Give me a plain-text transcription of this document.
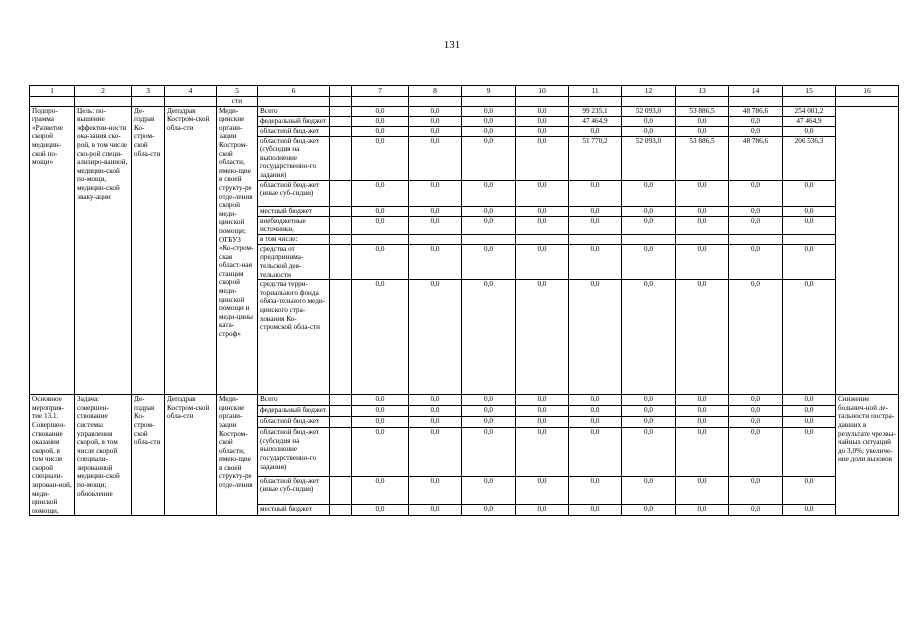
131
1	2	3	4	5	6		7	8	9	10	11	12	13	14	15	16
				сти												
Подпро-грамма «Развитие скорой медицин-ской по-мощи»	Цель: по-вышение эффектив-ности ока-зания ско-рой, в том числе ско-рой специ-ализиро-ванной, медицин-ской по-мощи, медицин-ской эваку-ации	Де-пздрав Ко-стром-ской обла-сти	Депздрав Костром-ской обла-сти	Меди-цинские органи-зации Костром-ской области, имею-щие в своей структу-ре отде-ления скорой меди-цинской помощи; ОГБУЗ «Ко-стром-ская област-ная станция скорой меди-цинской помощи и меди-цины ката-строф»	Всего		0,0	0,0	0,0	0,0	99 235,1	52 093,0	53 886,5	48 786,6	254 001,2	
					федеральный бюджет		0,0	0,0	0,0	0,0	47 464,9	0,0	0,0	0,0	47 464,9	
					областной бюд-жет		0,0	0,0	0,0	0,0	0,0	0,0	0,0	0,0	0,0	
					областной бюд-жет (субсидия на выполнение государственно-го задания)		0,0	0,0	0,0	0,0	51 770,2	52 093,0	53 886,5	48 786,6	206 536,3	
					областной бюд-жет (иные суб-сидии)		0,0	0,0	0,0	0,0	0,0	0,0	0,0	0,0	0,0	
					местный бюджет		0,0	0,0	0,0	0,0	0,0	0,0	0,0	0,0	0,0	
					внебюджетные источники,		0,0	0,0	0,0	0,0	0,0	0,0	0,0	0,0	0,0	
					в том числе:											
					средства от предпринима-тельской дея-тельности		0,0	0,0	0,0	0,0	0,0	0,0	0,0	0,0	0,0	
					средства терри-ториального фонда обяза-тельного меди-цинского стра-хования Ко-стромской обла-сти		0,0	0,0	0,0	0,0	0,0	0,0	0,0	0,0	0,0	
Основное мероприя-тие 13.1. Совершен-ствование оказания скорой, в том числе скорой специали-зирован-ной, меди-цинской помощи,	Задача: совершен-ствование системы управления скорой, в том числе скорой специали-зированной медицин-ской по-мощи; обновление	Де-пздрав Ко-стром-ской обла-сти	Депздрав Костром-ской обла-сти	Меди-цинские органи-зации Костром-ской области, имею-щие в своей структу-ре отде-ления	Всего		0,0	0,0	0,0	0,0	0,0	0,0	0,0	0,0	0,0	Снижение больнич-ной ле-тальности постра-давших в результате чрезвы-чайных ситуаций до 3,0%; увеличе-ние доли вызовов
					федеральный бюджет		0,0	0,0	0,0	0,0	0,0	0,0	0,0	0,0	0,0	
					областной бюд-жет		0,0	0,0	0,0	0,0	0,0	0,0	0,0	0,0	0,0	
					областной бюд-жет (субсидия на выполнение государственно-го задания)		0,0	0,0	0,0	0,0	0,0	0,0	0,0	0,0	0,0	
					областной бюд-жет (иные суб-сидии)		0,0	0,0	0,0	0,0	0,0	0,0	0,0	0,0	0,0	
					местный бюджет		0,0	0,0	0,0	0,0	0,0	0,0	0,0	0,0	0,0	
